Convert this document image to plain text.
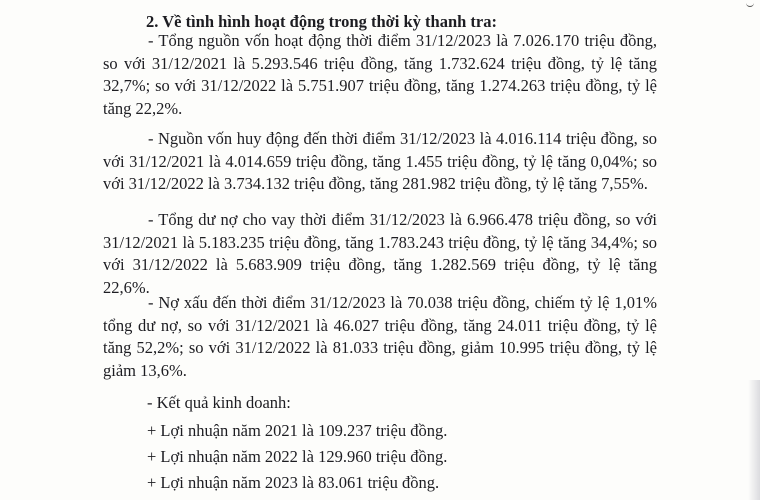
2. Về tình hình hoạt động trong thời kỳ thanh tra:

- Tổng nguồn vốn hoạt động thời điểm 31/12/2023 là 7.026.170 triệu đồng, so với 31/12/2021 là 5.293.546 triệu đồng, tăng 1.732.624 triệu đồng, tỷ lệ tăng 32,7%; so với 31/12/2022 là 5.751.907 triệu đồng, tăng 1.274.263 triệu đồng, tỷ lệ tăng 22,2%.

- Nguồn vốn huy động đến thời điểm 31/12/2023 là 4.016.114 triệu đồng, so với 31/12/2021 là 4.014.659 triệu đồng, tăng 1.455 triệu đồng, tỷ lệ tăng 0,04%; so với 31/12/2022 là 3.734.132 triệu đồng, tăng 281.982 triệu đồng, tỷ lệ tăng 7,55%.

- Tổng dư nợ cho vay thời điểm 31/12/2023 là 6.966.478 triệu đồng, so với 31/12/2021 là 5.183.235 triệu đồng, tăng 1.783.243 triệu đồng, tỷ lệ tăng 34,4%; so với 31/12/2022 là 5.683.909 triệu đồng, tăng 1.282.569 triệu đồng, tỷ lệ tăng 22,6%.

- Nợ xấu đến thời điểm 31/12/2023 là 70.038 triệu đồng, chiếm tỷ lệ 1,01% tổng dư nợ, so với 31/12/2021 là 46.027 triệu đồng, tăng 24.011 triệu đồng, tỷ lệ tăng 52,2%; so với 31/12/2022 là 81.033 triệu đồng, giảm 10.995 triệu đồng, tỷ lệ giảm 13,6%.

- Kết quả kinh doanh:
+ Lợi nhuận năm 2021 là 109.237 triệu đồng.
+ Lợi nhuận năm 2022 là 129.960 triệu đồng.
+ Lợi nhuận năm 2023 là 83.061 triệu đồng.
